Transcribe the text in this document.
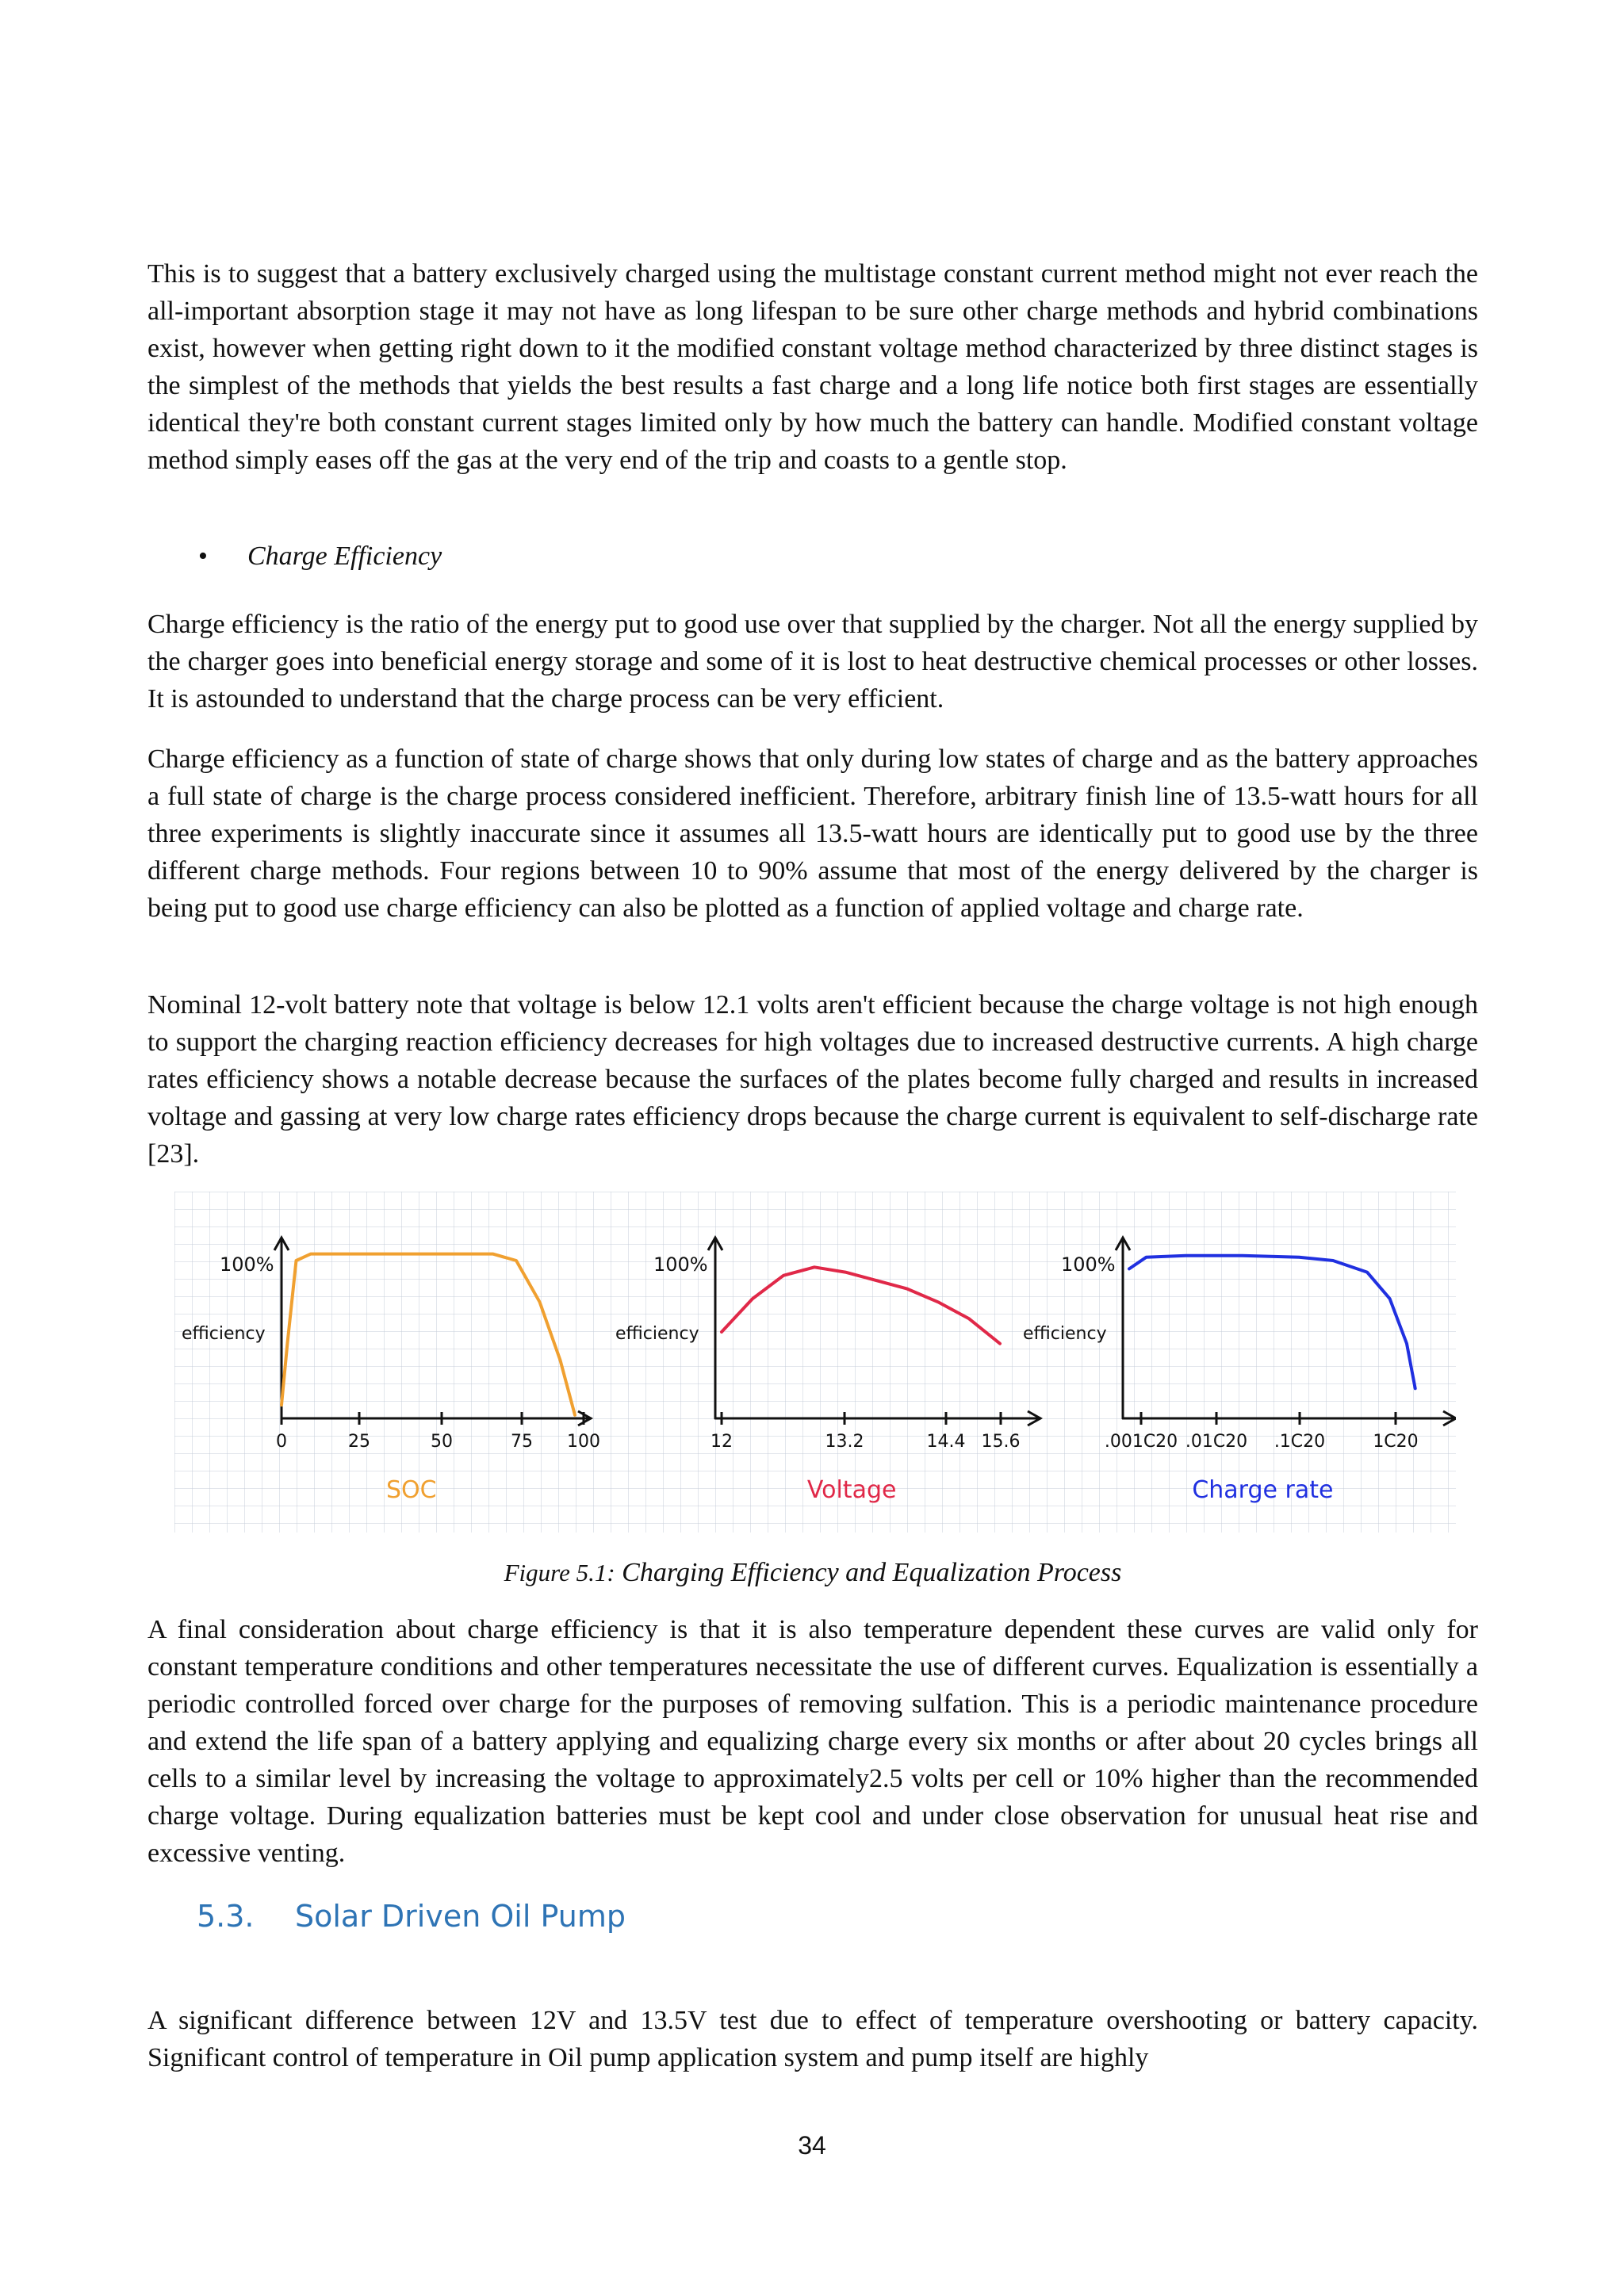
This is to suggest that a battery exclusively charged using the multistage constant current method might not ever reach the all-important absorption stage it may not have as long lifespan to be sure other charge methods and hybrid combinations exist, however when getting right down to it the modified constant voltage method characterized by three distinct stages is the simplest of the methods that yields the best results a fast charge and a long life notice both first stages are essentially identical they're both constant current stages limited only by how much the battery can handle. Modified constant voltage method simply eases off the gas at the very end of the trip and coasts to a gentle stop.

• Charge Efficiency

Charge efficiency is the ratio of the energy put to good use over that supplied by the charger. Not all the energy supplied by the charger goes into beneficial energy storage and some of it is lost to heat destructive chemical processes or other losses. It is astounded to understand that the charge process can be very efficient.

Charge efficiency as a function of state of charge shows that only during low states of charge and as the battery approaches a full state of charge is the charge process considered inefficient. Therefore, arbitrary finish line of 13.5-watt hours for all three experiments is slightly inaccurate since it assumes all 13.5-watt hours are identically put to good use by the three different charge methods. Four regions between 10 to 90% assume that most of the energy delivered by the charger is being put to good use charge efficiency can also be plotted as a function of applied voltage and charge rate.

Nominal 12-volt battery note that voltage is below 12.1 volts aren't efficient because the charge voltage is not high enough to support the charging reaction efficiency decreases for high voltages due to increased destructive currents. A high charge rates efficiency shows a notable decrease because the surfaces of the plates become fully charged and results in increased voltage and gassing at very low charge rates efficiency drops because the charge current is equivalent to self-discharge rate [23].

100%
efficiency
0	25	50	75 100
SOC
100%
efficiency
12	13.2	14.4 15.6
Voltage
100%
efficiency
.001C20 .01C20 .1C20	1C20
Charge rate
Figure 5.1: Charging Efficiency and Equalization Process

A final consideration about charge efficiency is that it is also temperature dependent these curves are valid only for constant temperature conditions and other temperatures necessitate the use of different curves. Equalization is essentially a periodic controlled forced over charge for the purposes of removing sulfation. This is a periodic maintenance procedure and extend the life span of a battery applying and equalizing charge every six months or after about 20 cycles brings all cells to a similar level by increasing the voltage to approximately2.5 volts per cell or 10% higher than the recommended charge voltage. During equalization batteries must be kept cool and under close observation for unusual heat rise and excessive venting.

5.3. Solar Driven Oil Pump

A significant difference between 12V and 13.5V test due to effect of temperature overshooting or battery capacity. Significant control of temperature in Oil pump application system and pump itself are highly

34
